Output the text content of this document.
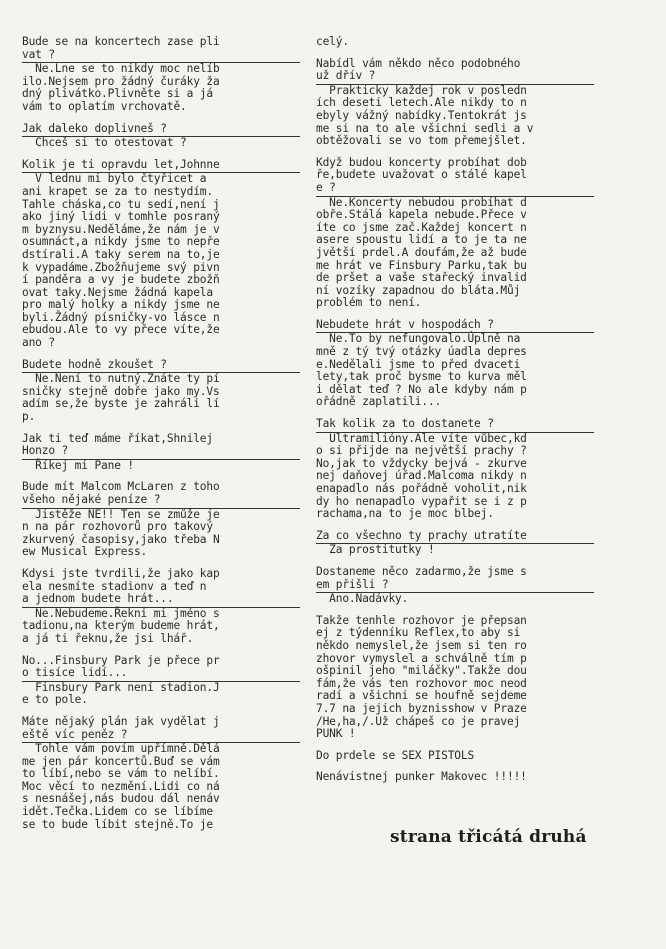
Bude se na koncertech zase pli
vat ?

Ne.Lne se to nikdy moc nelíb
ilo.Nejsem pro žádný čuráky ža
dný plivátko.Plivněte si a já
vám to oplatím vrchovatě.

Jak daleko doplivneš ?

Chceš si to otestovat ?

Kolik je ti opravdu let,Johnne

V lednu mi bylo čtyřicet a
ani krapet se za to nestydím.
Tahle cháska,co tu sedí,není j
ako jiný lidi v tomhle posraný
m byznysu.Neděláme,že nám je v
osumnáct,a nikdy jsme to nepře
dstírali.A taky serem na to,je
k vypadáme.Zbožňujeme svý pivn
í panděra a vy je budete zbožň
ovat taky.Nejsme žádná kapela
pro malý holky a nikdy jsme ne
byli.Žádný písničky-vo lásce n
ebudou.Ale to vy přece víte,že
ano ?

Budete hodně zkoušet ?

Ne.Není to nutný.Znáte ty pí
sničky stejně dobře jako my.Vs
adím se,že byste je zahráli lí
p.

Jak ti teď máme říkat,Shnilej
Honzo ?

Říkej mi Pane !

Bude mít Malcom McLaren z toho
všeho nějaké peníze ?

Jistěže NE!! Ten se zmůže je
n na pár rozhovorů pro takový
zkurvený časopisy,jako třeba N
ew Musical Express.

Kdysi jste tvrdili,že jako kap
ela nesmíte stadionv a teď n
a jednom budete hrát...

Ne.Nebudeme.Řekni mi jméno s
tadionu,na kterým budeme hrát,
a já ti řeknu,že jsi lhář.

No...Finsbury Park je přece pr
o tisíce lidí...

Finsbury Park není stadion.J
e to pole.

Máte nějaký plán jak vydělat j
eště víc peněz ?

Tohle vám povím upřímně.Dělá
me jen pár koncertů.Buď se vám
to líbí,nebo se vám to nelíbí.
Moc věcí to nezmění.Lidi co ná
s nesnášej,nás budou dál nenáv
idět.Tečka.Lidem co se líbíme
se to bude líbit stejně.To je

celý.

Nabídl vám někdo něco podobného
už dřív ?

Prakticky každej rok v posledn
ích deseti letech.Ale nikdy to n
ebyly vážný nabídky.Tentokrát js
me si na to ale všichni sedli a v
obtěžovali se vo tom přemejšlet.

Když budou koncerty probíhat dob
ře,budete uvažovat o stálé kapel
e ?

Ne.Koncerty nebudou probíhat d
obře.Stálá kapela nebude.Přece v
íte co jsme zač.Každej koncert n
asere spoustu lidí a to je ta ne
jvětší prdel.A doufám,že až bude
me hrát ve Finsbury Parku,tak bu
de pršet a vaše stařecký invalid
ní vozíky zapadnou do bláta.Můj
problém to není.

Nebudete hrát v hospodách ?

Ne.To by nefungovalo.Úplně na
mně z tý tvý otázky úadla depres
e.Nedělali jsme to před dvaceti
lety,tak proč bysme to kurva měl
i dělat teď ? No ale kdyby nám p
ořádně zaplatili...

Tak kolik za to dostanete ?

Ultramilióny.Ale víte vůbec,kd
o si přijde na největší prachy ?
No,jak to vždycky bejvá - zkurve
nej daňovej úřad.Malcoma nikdy n
enapadlo nás pořádně voholit,nik
dy ho nenapadlo vypařit se i z p
rachama,na to je moc blbej.

Za co všechno ty prachy utratíte

Za prostitutky !

Dostaneme něco zadarmo,že jsme s
em přišli ?

Ano.Nadávky.

Takže tenhle rozhovor je přepsan
ej z týdenníku Reflex,to aby si
někdo nemyslel,že jsem si ten ro
zhovor vymyslel a schválně tím p
ošpinil jeho "miláčky".Takže dou
fám,že vás ten rozhovor moc neod
radí a všichni se houfně sejdeme
7.7 na jejich byznisshow v Praze
/He,ha,/.Už chápeš co je pravej
PUNK !

Do prdele se SEX PISTOLS

Nenávistnej punker Makovec !!!!!

strana třicátá druhá
